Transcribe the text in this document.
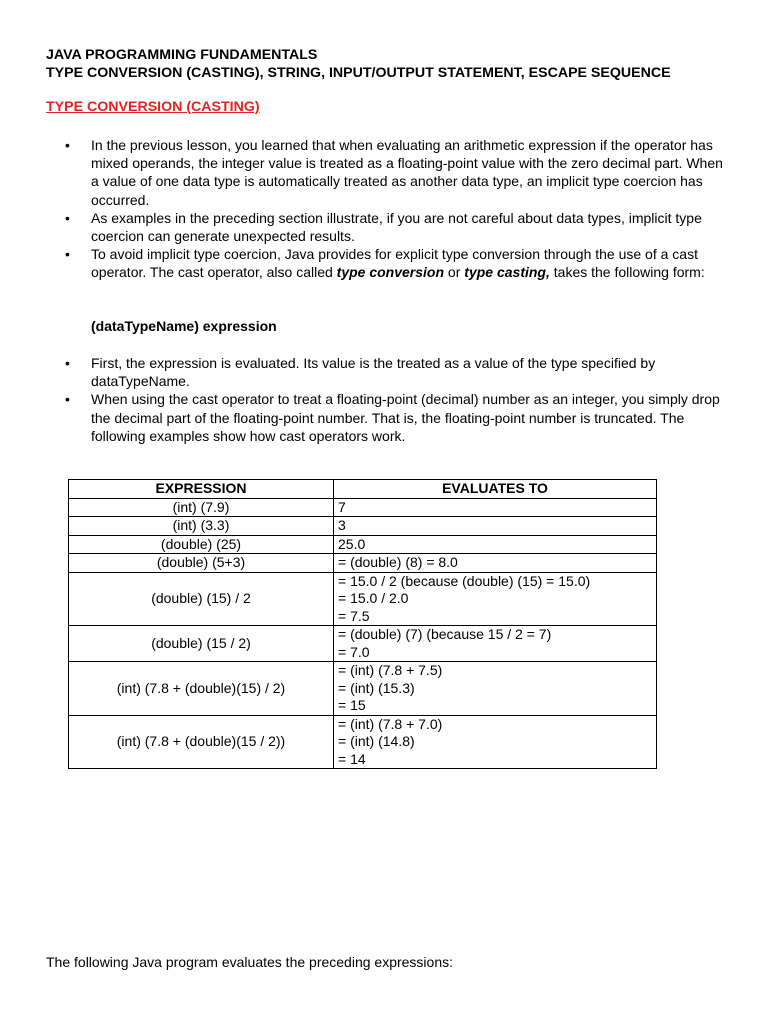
JAVA PROGRAMMING FUNDAMENTALS
TYPE CONVERSION (CASTING), STRING, INPUT/OUTPUT STATEMENT, ESCAPE SEQUENCE
TYPE CONVERSION (CASTING)
• In the previous lesson, you learned that when evaluating an arithmetic expression if the operator has mixed operands, the integer value is treated as a floating-point value with the zero decimal part. When a value of one data type is automatically treated as another data type, an implicit type coercion has occurred.
• As examples in the preceding section illustrate, if you are not careful about data types, implicit type coercion can generate unexpected results.
• To avoid implicit type coercion, Java provides for explicit type conversion through the use of a cast operator. The cast operator, also called type conversion or type casting, takes the following form:
(dataTypeName) expression
• First, the expression is evaluated. Its value is the treated as a value of the type specified by dataTypeName.
• When using the cast operator to treat a floating-point (decimal) number as an integer, you simply drop the decimal part of the floating-point number. That is, the floating-point number is truncated. The following examples show how cast operators work.
EXPRESSION	EVALUATES TO
(int) (7.9)	7

(int) (3.3)	3

(double) (25)	25.0

(double) (5+3)	= (double) (8) = 8.0

(double) (15) / 2	= 15.0 / 2 (because (double) (15) = 15.0)
= 15.0 / 2.0
= 7.5

(double) (15 / 2)	= (double) (7) (because 15 / 2 = 7)
= 7.0

(int) (7.8 + (double)(15) / 2)	= (int) (7.8 + 7.5)
= (int) (15.3)
= 15

(int) (7.8 + (double)(15 / 2))	= (int) (7.8 + 7.0)
= (int) (14.8)
= 14
The following Java program evaluates the preceding expressions:
